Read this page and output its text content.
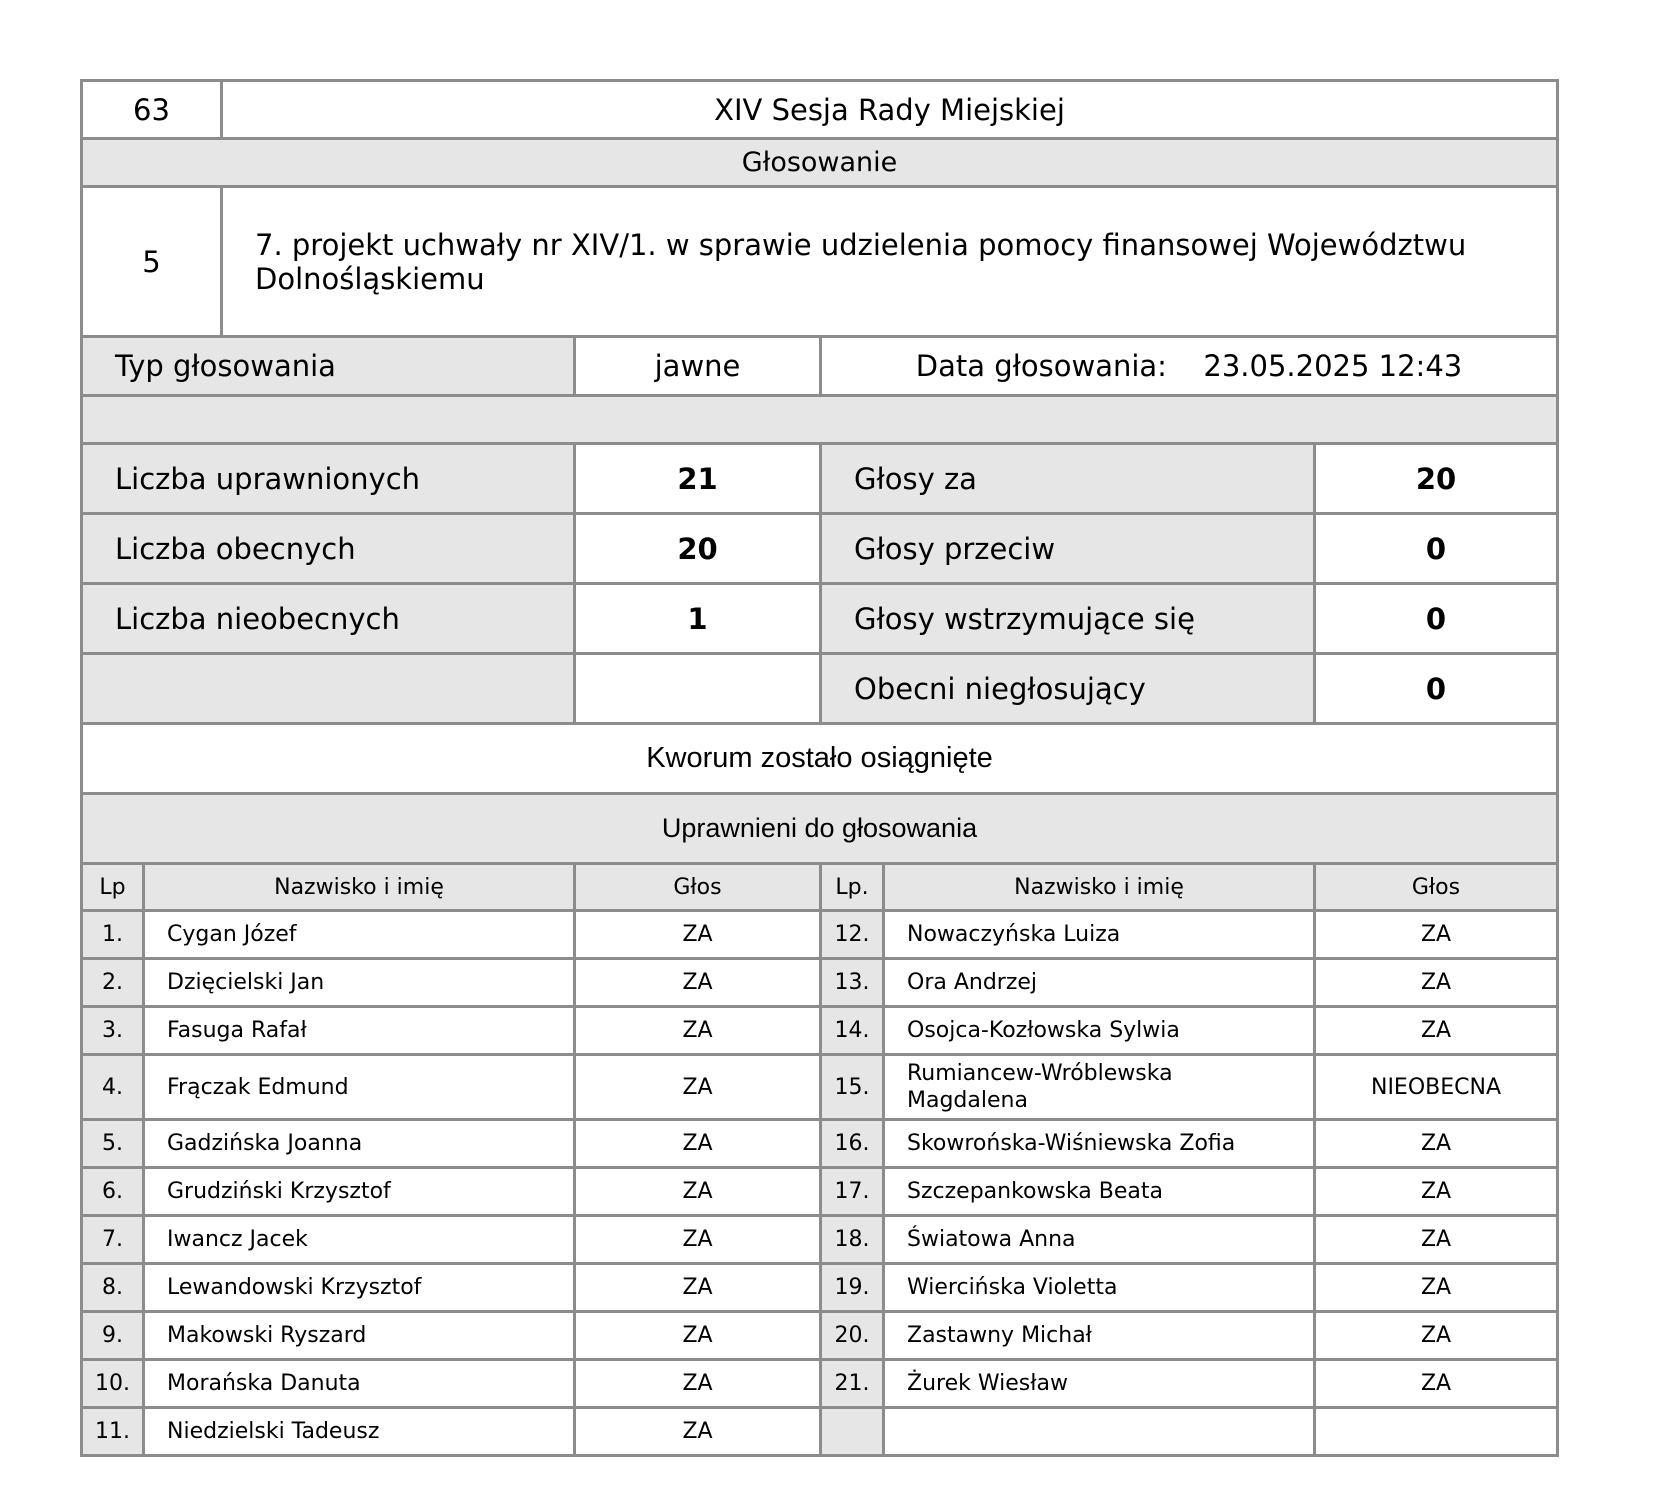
63	XIV Sesja Rady Miejskiej
Głosowanie
5	7. projekt uchwały nr XIV/1. w sprawie udzielenia pomocy finansowej Województwu Dolnośląskiemu
Typ głosowania	jawne	Data głosowania: 23.05.2025 12:43
Liczba uprawnionych	21	Głosy za	20
Liczba obecnych	20	Głosy przeciw	0
Liczba nieobecnych	1	Głosy wstrzymujące się	0
		Obecni niegłosujący	0
Kworum zostało osiągnięte
Uprawnieni do głosowania
Lp	Nazwisko i imię	Głos	Lp.	Nazwisko i imię	Głos
1.	Cygan Józef	ZA	12.	Nowaczyńska Luiza	ZA
2.	Dzięcielski Jan	ZA	13.	Ora Andrzej	ZA
3.	Fasuga Rafał	ZA	14.	Osojca-Kozłowska Sylwia	ZA
4.	Frączak Edmund	ZA	15.	Rumiancew-Wróblewska Magdalena	NIEOBECNA
5.	Gadzińska Joanna	ZA	16.	Skowrońska-Wiśniewska Zofia	ZA
6.	Grudziński Krzysztof	ZA	17.	Szczepankowska Beata	ZA
7.	Iwancz Jacek	ZA	18.	Światowa Anna	ZA
8.	Lewandowski Krzysztof	ZA	19.	Wiercińska Violetta	ZA
9.	Makowski Ryszard	ZA	20.	Zastawny Michał	ZA
10.	Morańska Danuta	ZA	21.	Żurek Wiesław	ZA
11.	Niedzielski Tadeusz	ZA			
